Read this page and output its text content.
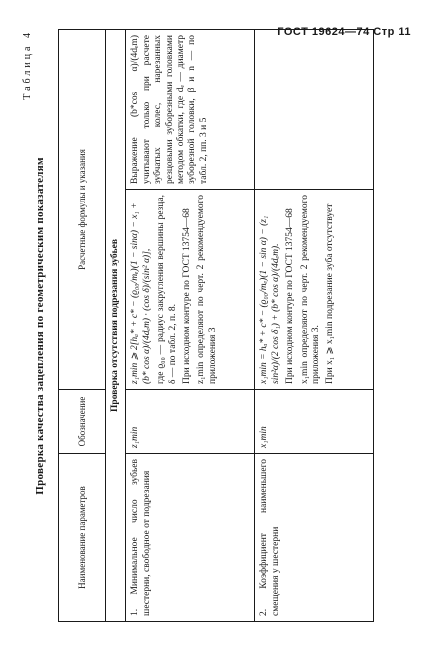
ГОСТ 19624—74 Стр 11
Таблица 4
Проверка качества зацепления по геометрическим показателям
Наименование параметров	Обозначение	Расчетные формулы и указания	
Проверка отсутствия подрезания зубьев			
1. Минимальное число зубьев шестерни, свободное от подрезания	z₁min	z₁min ⩾ 2[hₐ* + c* − (ϱ₀₀/mₑ)(1 − sinα) − x₁ + (b* cos α)/(4dₑm) · (cos δ)/(sin² α)], где ϱ₀₀ — радиус закругления вершины резца, δ — по табл. 2, п. 8. При исходном контуре по ГОСТ 13754—68 z₁min определяют по черт. 2 рекомендуемого приложения 3	Выражение (b*cos α)/(4dₑm) учитывают только при расчете зубчатых колес, нарезанных резцовыми зуборезными головками методом обкатки, где dₑ — диаметр зуборезной головки, β и n — по табл. 2, пп. 3 и 5
2. Коэффициент наименьшего смещения у шестерни	x₁min	x₁min = hₐ* + c* − (ϱ₀₀/mₑ)(1 − sin α) − (z₁ sin²α)/(2 cos δ₁) + (b* cos α)/(4dₑm). При исходном контуре по ГОСТ 13754—68 x₁min определяют по черт. 2 рекомендуемого приложения 3. При x₁ ⩾ x₁min подрезание зуба отсутствует	
